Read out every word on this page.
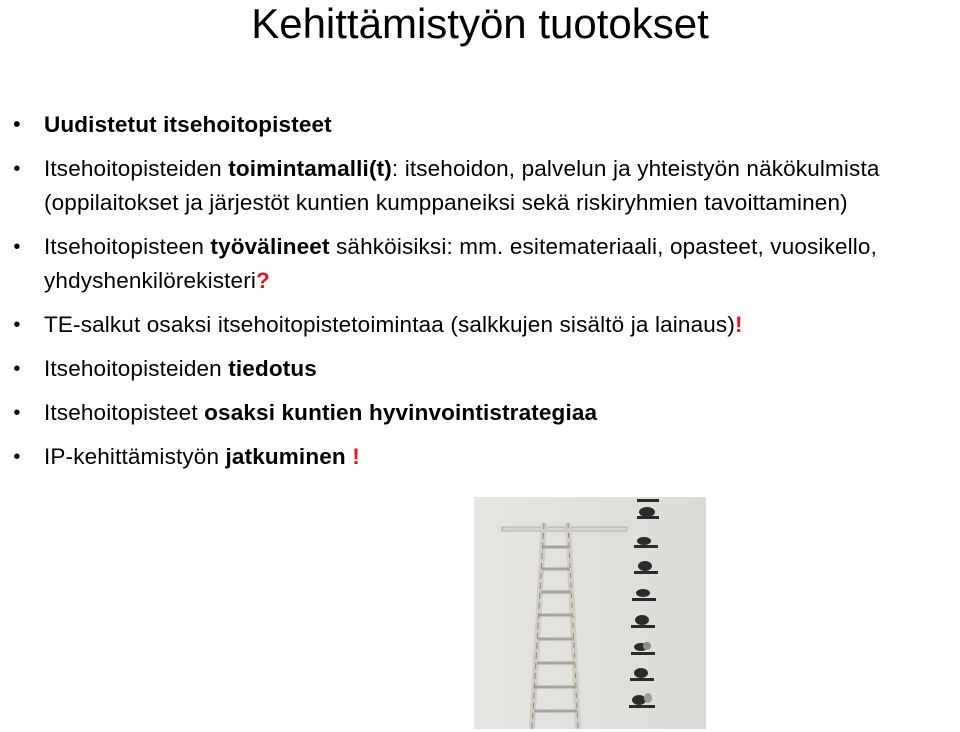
Kehittämistyön tuotokset
• Uudistetut itsehoitopisteet
• Itsehoitopisteiden toimintamalli(t): itsehoidon, palvelun ja yhteistyön näkökulmista (oppilaitokset ja järjestöt kuntien kumppaneiksi sekä riskiryhmien tavoittaminen)
• Itsehoitopisteen työvälineet sähköisiksi: mm. esitemateriaali, opasteet, vuosikello, yhdyshenkilörekisteri?
• TE-salkut osaksi itsehoitopistetoimintaa (salkkujen sisältö ja lainaus)!
• Itsehoitopisteiden tiedotus
• Itsehoitopisteet osaksi kuntien hyvinvointistrategiaa
• IP-kehittämistyön jatkuminen !
